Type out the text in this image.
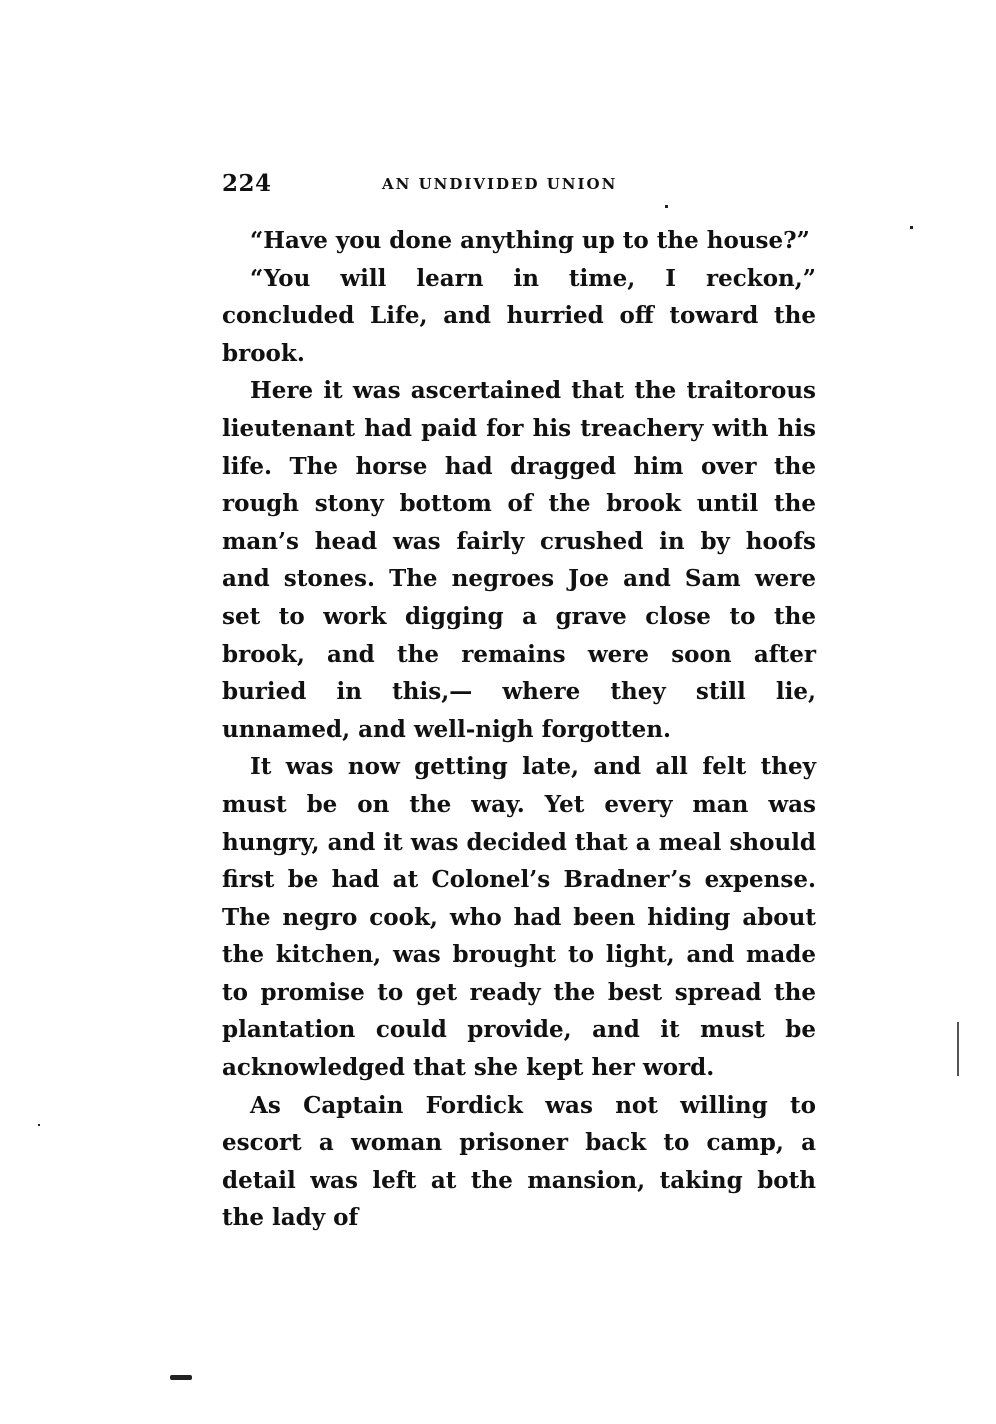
224	AN UNDIVIDED UNION

“Have you done anything up to the house?”

“You will learn in time, I reckon,” concluded Life, and hurried off toward the brook.

Here it was ascertained that the traitorous lieutenant had paid for his treachery with his life. The horse had dragged him over the rough stony bottom of the brook until the man’s head was fairly crushed in by hoofs and stones. The negroes Joe and Sam were set to work digging a grave close to the brook, and the remains were soon after buried in this,— where they still lie, unnamed, and well-nigh forgotten.

It was now getting late, and all felt they must be on the way. Yet every man was hungry, and it was decided that a meal should first be had at Colonel’s Bradner’s expense. The negro cook, who had been hiding about the kitchen, was brought to light, and made to promise to get ready the best spread the plantation could provide, and it must be acknowledged that she kept her word.

As Captain Fordick was not willing to escort a woman prisoner back to camp, a detail was left at the mansion, taking both the lady of
